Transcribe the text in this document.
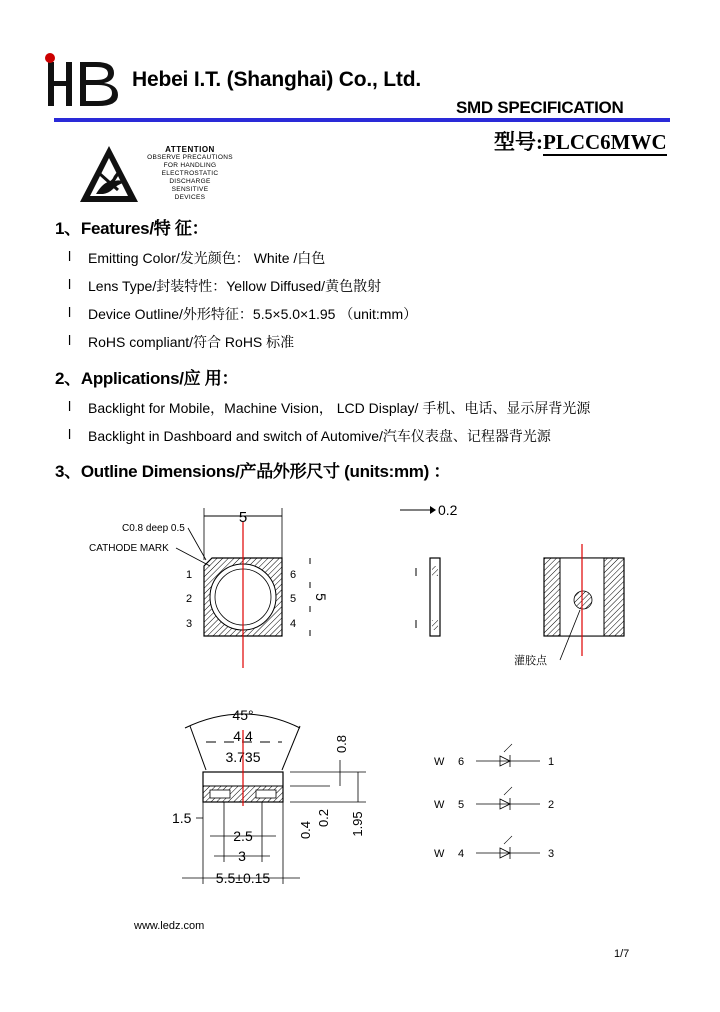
Hebei I.T. (Shanghai) Co., Ltd.
SMD SPECIFICATION
型号:PLCC6MWC
ATTENTION
OBSERVE PRECAUTIONS
FOR HANDLING
ELECTROSTATIC
DISCHARGE
SENSITIVE
DEVICES
1、Features/特 征：
l Emitting Color/发光颜色： White /白色
l Lens Type/封装特性：Yellow Diffused/黄色散射
l Device Outline/外形特征：5.5×5.0×1.95 （unit:mm）
l RoHS compliant/符合 RoHS 标准
2、Applications/应 用：
l Backlight for Mobile，Machine Vision， LCD Display/ 手机、电话、显示屏背光源
l Backlight in Dashboard and switch of Automive/汽车仪表盘、记程器背光源
3、Outline Dimensions/产品外形尺寸 (units:mm) ：
5
C0.8 deep 0.5
CATHODE MARK
1
2
3
6
5
4
5
0.2
灌胶点
45°
4.4
3.735
0.8
1.5
0.4
0.2 1.95
2.5
3
5.5±0.15
W 6	1
W 5	2
W 4	3
www.ledz.com
1/7
